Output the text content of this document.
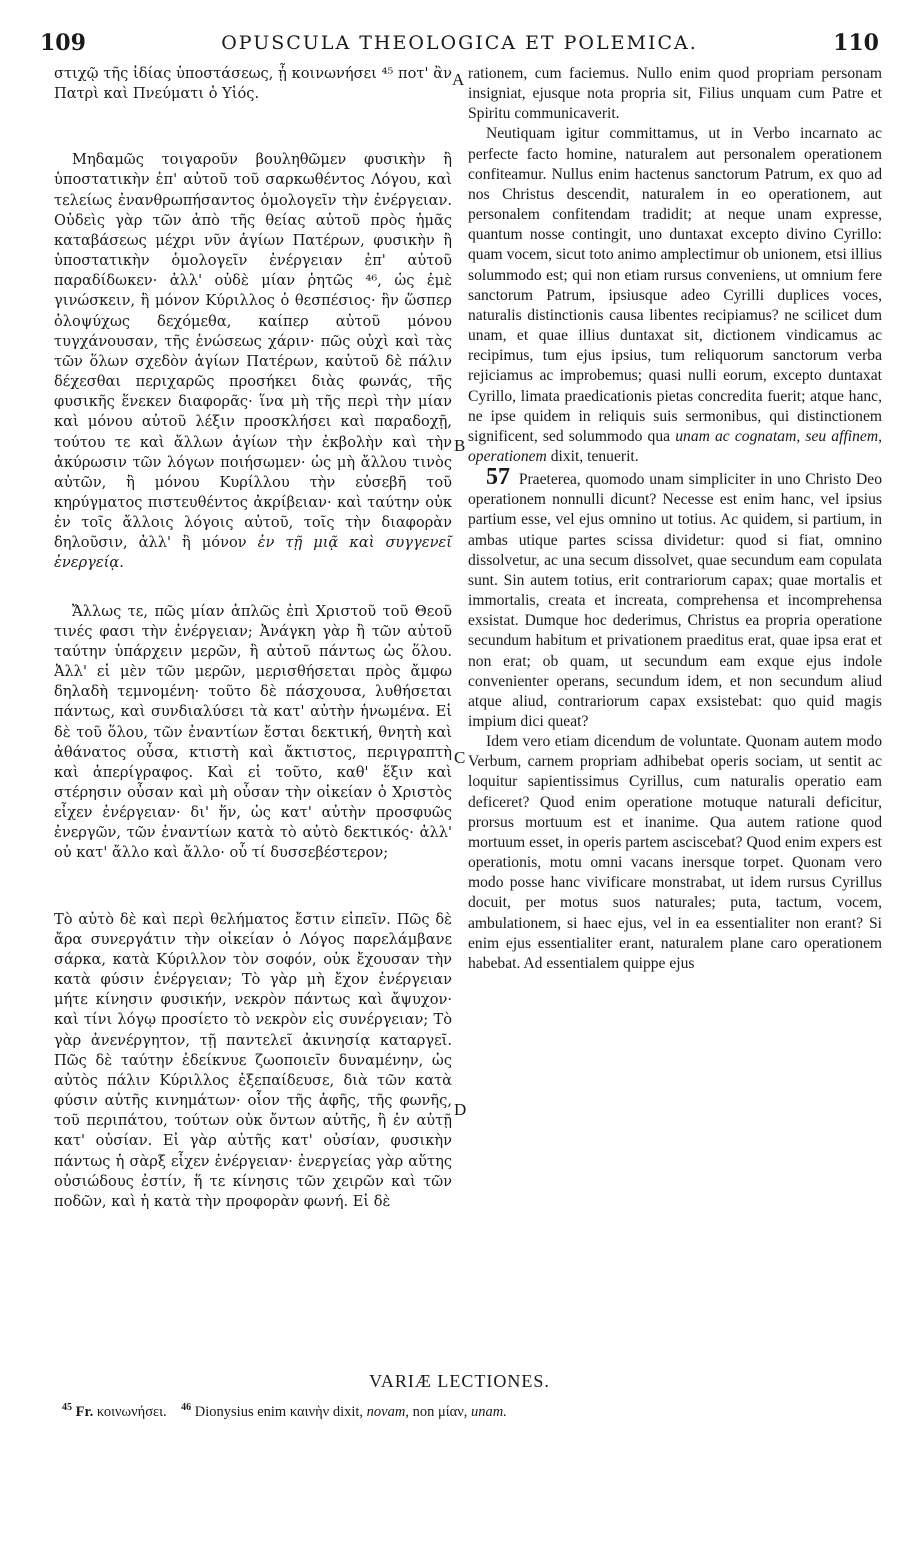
109	OPUSCULA THEOLOGICA ET POLEMICA.	110

στιχῷ τῆς ἰδίας ὑποστάσεως, ᾗ κοινωνήσει ⁴⁵ ποτ' ἂν Πατρὶ καὶ Πνεύματι ὁ Υἱός.

Μηδαμῶς τοιγαροῦν βουληθῶμεν φυσικὴν ἢ ὑποστατικὴν ἐπ' αὐτοῦ τοῦ σαρκωθέντος Λόγου, καὶ τελείως ἐνανθρωπήσαντος ὁμολογεῖν τὴν ἐνέργειαν. Οὐδεὶς γὰρ τῶν ἀπὸ τῆς θείας αὐτοῦ πρὸς ἡμᾶς καταβάσεως μέχρι νῦν ἁγίων Πατέρων, φυσικὴν ἢ ὑποστατικὴν ὁμολογεῖν ἐνέργειαν ἐπ' αὐτοῦ παραδίδωκεν· ἀλλ' οὐδὲ μίαν ῥητῶς ⁴⁶, ὡς ἐμὲ γινώσκειν, ἢ μόνον Κύριλλος ὁ θεσπέσιος· ἣν ὥσπερ ὁλοψύχως δεχόμεθα, καίπερ αὐτοῦ μόνου τυγχάνουσαν, τῆς ἑνώσεως χάριν· πῶς οὐχὶ καὶ τὰς τῶν ὅλων σχεδὸν ἁγίων Πατέρων, καὐτοῦ δὲ πάλιν δέχεσθαι περιχαρῶς προσήκει διὰς φωνάς, τῆς φυσικῆς ἕνεκεν διαφορᾶς· ἵνα μὴ τῆς περὶ τὴν μίαν καὶ μόνου αὐτοῦ λέξιν προσκλήσει καὶ παραδοχῇ, τούτου τε καὶ ἄλλων ἁγίων τὴν ἐκβολὴν καὶ τὴν ἀκύρωσιν τῶν λόγων ποιήσωμεν· ὡς μὴ ἄλλου τινὸς αὐτῶν, ἢ μόνου Κυρίλλου τὴν εὐσεβῆ τοῦ κηρύγματος πιστευθέντος ἀκρίβειαν· καὶ ταύτην οὐκ ἐν τοῖς ἄλλοις λόγοις αὐτοῦ, τοῖς τὴν διαφορὰν δηλοῦσιν, ἀλλ' ἢ μόνον ἐν τῇ μιᾷ καὶ συγγενεῖ ἐνεργείᾳ.

Ἄλλως τε, πῶς μίαν ἁπλῶς ἐπὶ Χριστοῦ τοῦ Θεοῦ τινές φασι τὴν ἐνέργειαν; Ἀνάγκη γὰρ ἢ τῶν αὐτοῦ ταύτην ὑπάρχειν μερῶν, ἢ αὐτοῦ πάντως ὡς ὅλου. Ἀλλ' εἰ μὲν τῶν μερῶν, μερισθήσεται πρὸς ἄμφω δηλαδὴ τεμνομένη· τοῦτο δὲ πάσχουσα, λυθήσεται πάντως, καὶ συνδιαλύσει τὰ κατ' αὐτὴν ἡνωμένα. Εἰ δὲ τοῦ ὅλου, τῶν ἐναντίων ἔσται δεκτική, θνητὴ καὶ ἀθάνατος οὖσα, κτιστὴ καὶ ἄκτιστος, περιγραπτὴ καὶ ἀπερίγραφος. Καὶ εἰ τοῦτο, καθ' ἕξιν καὶ στέρησιν οὖσαν καὶ μὴ οὖσαν τὴν οἰκείαν ὁ Χριστὸς εἶχεν ἐνέργειαν· δι' ἥν, ὡς κατ' αὐτὴν προσφυῶς ἐνεργῶν, τῶν ἐναντίων κατὰ τὸ αὐτὸ δεκτικός· ἀλλ' οὐ κατ' ἄλλο καὶ ἄλλο· οὗ τί δυσσεβέστερον;

Τὸ αὐτὸ δὲ καὶ περὶ θελήματος ἔστιν εἰπεῖν. Πῶς δὲ ἄρα συνεργάτιν τὴν οἰκείαν ὁ Λόγος παρελάμβανε σάρκα, κατὰ Κύριλλον τὸν σοφόν, οὐκ ἔχουσαν τὴν κατὰ φύσιν ἐνέργειαν; Τὸ γὰρ μὴ ἔχον ἐνέργειαν μήτε κίνησιν φυσικήν, νεκρὸν πάντως καὶ ἄψυχον· καὶ τίνι λόγῳ προσίετο τὸ νεκρὸν εἰς συνέργειαν; Τὸ γὰρ ἀνενέργητον, τῇ παντελεῖ ἀκινησίᾳ καταργεῖ. Πῶς δὲ ταύτην ἐδείκνυε ζωοποιεῖν δυναμένην, ὡς αὐτὸς πάλιν Κύριλλος ἐξεπαίδευσε, διὰ τῶν κατὰ φύσιν αὐτῆς κινημάτων· οἷον τῆς ἁφῆς, τῆς φωνῆς, τοῦ περιπάτου, τούτων οὐκ ὄντων αὐτῆς, ἢ ἐν αὐτῇ κατ' οὐσίαν. Εἰ γὰρ αὐτῆς κατ' οὐσίαν, φυσικὴν πάντως ἡ σὰρξ εἶχεν ἐνέργειαν· ἐνεργείας γὰρ αὕτης οὐσιώδους ἐστίν, ἥ τε κίνησις τῶν χειρῶν καὶ τῶν ποδῶν, καὶ ἡ κατὰ τὴν προφορὰν φωνή. Εἰ δὲ

A
B
C
D

rationem, cum faciemus. Nullo enim quod propriam personam insigniat, ejusque nota propria sit, Filius unquam cum Patre et Spiritu communicaverit.

Neutiquam igitur committamus, ut in Verbo incarnato ac perfecte facto homine, naturalem aut personalem operationem confiteamur. Nullus enim hactenus sanctorum Patrum, ex quo ad nos Christus descendit, naturalem in eo operationem, aut personalem confitendam tradidit; at neque unam expresse, quantum nosse contingit, uno duntaxat excepto divino Cyrillo: quam vocem, sicut toto animo amplectimur ob unionem, etsi illius solummodo est; qui non etiam rursus conveniens, ut omnium fere sanctorum Patrum, ipsiusque adeo Cyrilli duplices voces, naturalis distinctionis causa libentes recipiamus? ne scilicet dum unam, et quae illius duntaxat sit, dictionem vindicamus ac recipimus, tum ejus ipsius, tum reliquorum sanctorum verba rejiciamus ac improbemus; quasi nulli eorum, excepto duntaxat Cyrillo, limata praedicationis pietas concredita fuerit; atque hanc, ne ipse quidem in reliquis suis sermonibus, qui distinctionem significent, sed solummodo qua unam ac cognatam, seu affinem, operationem dixit, tenuerit.

57 Praeterea, quomodo unam simpliciter in uno Christo Deo operationem nonnulli dicunt? Necesse est enim hanc, vel ipsius partium esse, vel ejus omnino ut totius. Ac quidem, si partium, in ambas utique partes scissa dividetur: quod si fiat, omnino dissolvetur, ac una secum dissolvet, quae secundum eam copulata sunt. Sin autem totius, erit contrariorum capax; quae mortalis et immortalis, creata et increata, comprehensa et incomprehensa exsistat. Dumque hoc dederimus, Christus ea propria operatione secundum habitum et privationem praeditus erat, quae ipsa erat et non erat; ob quam, ut secundum eam exque ejus indole convenienter operans, secundum idem, et non secundum aliud atque aliud, contrariorum capax exsistebat: quo quid magis impium dici queat?

Idem vero etiam dicendum de voluntate. Quonam autem modo Verbum, carnem propriam adhibebat operis sociam, ut sentit ac loquitur sapientissimus Cyrillus, cum naturalis operatio eam deficeret? Quod enim operatione motuque naturali deficitur, prorsus mortuum est et inanime. Qua autem ratione quod mortuum esset, in operis partem asciscebat? Quod enim expers est operationis, motu omni vacans inersque torpet. Quonam vero modo posse hanc vivificare monstrabat, ut idem rursus Cyrillus docuit, per motus suos naturales; puta, tactum, vocem, ambulationem, si haec ejus, vel in ea essentialiter non erant? Si enim ejus essentialiter erant, naturalem plane caro operationem habebat. Ad essentialem quippe ejus

VARIÆ LECTIONES.
$^{45}$ Fr. κοινωνήσει. $^{46}$ Dionysius enim καινὴν dixit, novam, non μίαν, unam.
